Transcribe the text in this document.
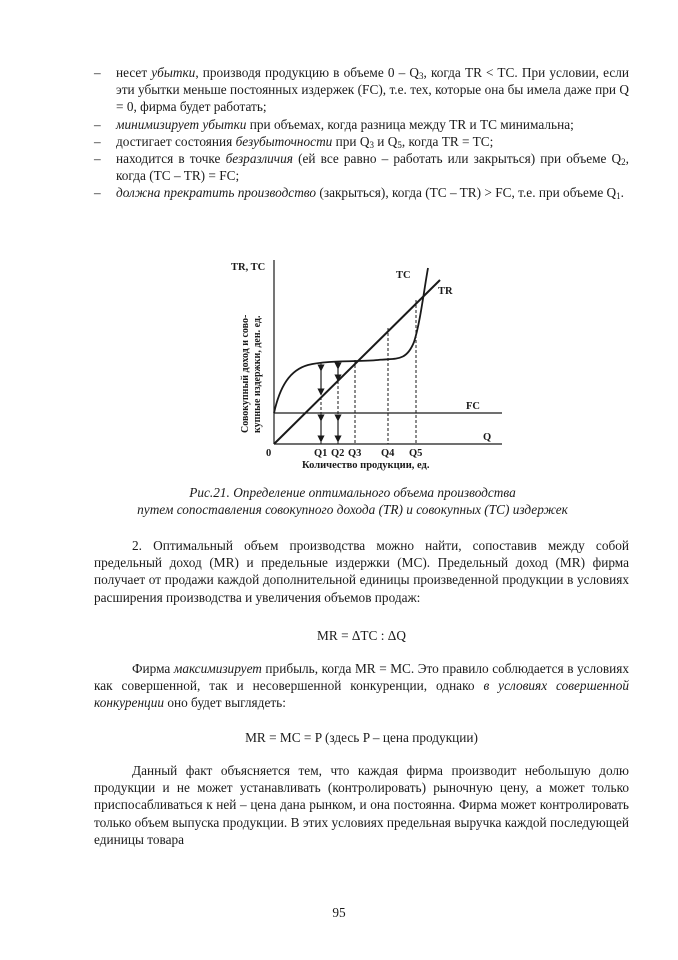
– несет убытки, производя продукцию в объеме $0 - Q_3$, когда TR < TC. При условии, если эти убытки меньше постоянных издержек (FC), т.е. тех, которые она бы имела даже при Q = 0, фирма будет работать;
– минимизирует убытки при объемах, когда разница между TR и TC минимальна;
– достигает состояния безубыточности при $Q_3$ и $Q_5$, когда TR = TC;
– находится в точке безразличия (ей все равно – работать или закрыться) при объеме $Q_2$, когда (TC – TR) = FC;
– должна прекратить производство (закрыться), когда (TC – TR) > FC, т.е. при объеме $Q_1$.
TR, TC
Совокупный доход и сово- купные издержки, ден. ед.
TC
TR
FC
Q
0	Q1 Q2 Q3 Q4 Q5
Количество продукции, ед.
Рис.21. Определение оптимального объема производства
путем сопоставления совокупного дохода (TR) и совокупных (TC) издержек
2. Оптимальный объем производства можно найти, сопоставив между собой предельный доход (MR) и предельные издержки (MC). Предельный доход (MR) фирма получает от продажи каждой дополнительной единицы произведенной продукции в условиях расширения производства и увеличения объемов продаж:
MR = ΔTC : ΔQ
Фирма максимизирует прибыль, когда MR = MC. Это правило соблюдается в условиях как совершенной, так и несовершенной конкуренции, однако в условиях совершенной конкуренции оно будет выглядеть:
MR = MC = P (здесь P – цена продукции)
Данный факт объясняется тем, что каждая фирма производит небольшую долю продукции и не может устанавливать (контролировать) рыночную цену, а может только приспосабливаться к ней – цена дана рынком, и она постоянна. Фирма может контролировать только объем выпуска продукции. В этих условиях предельная выручка каждой последующей единицы товара
95
